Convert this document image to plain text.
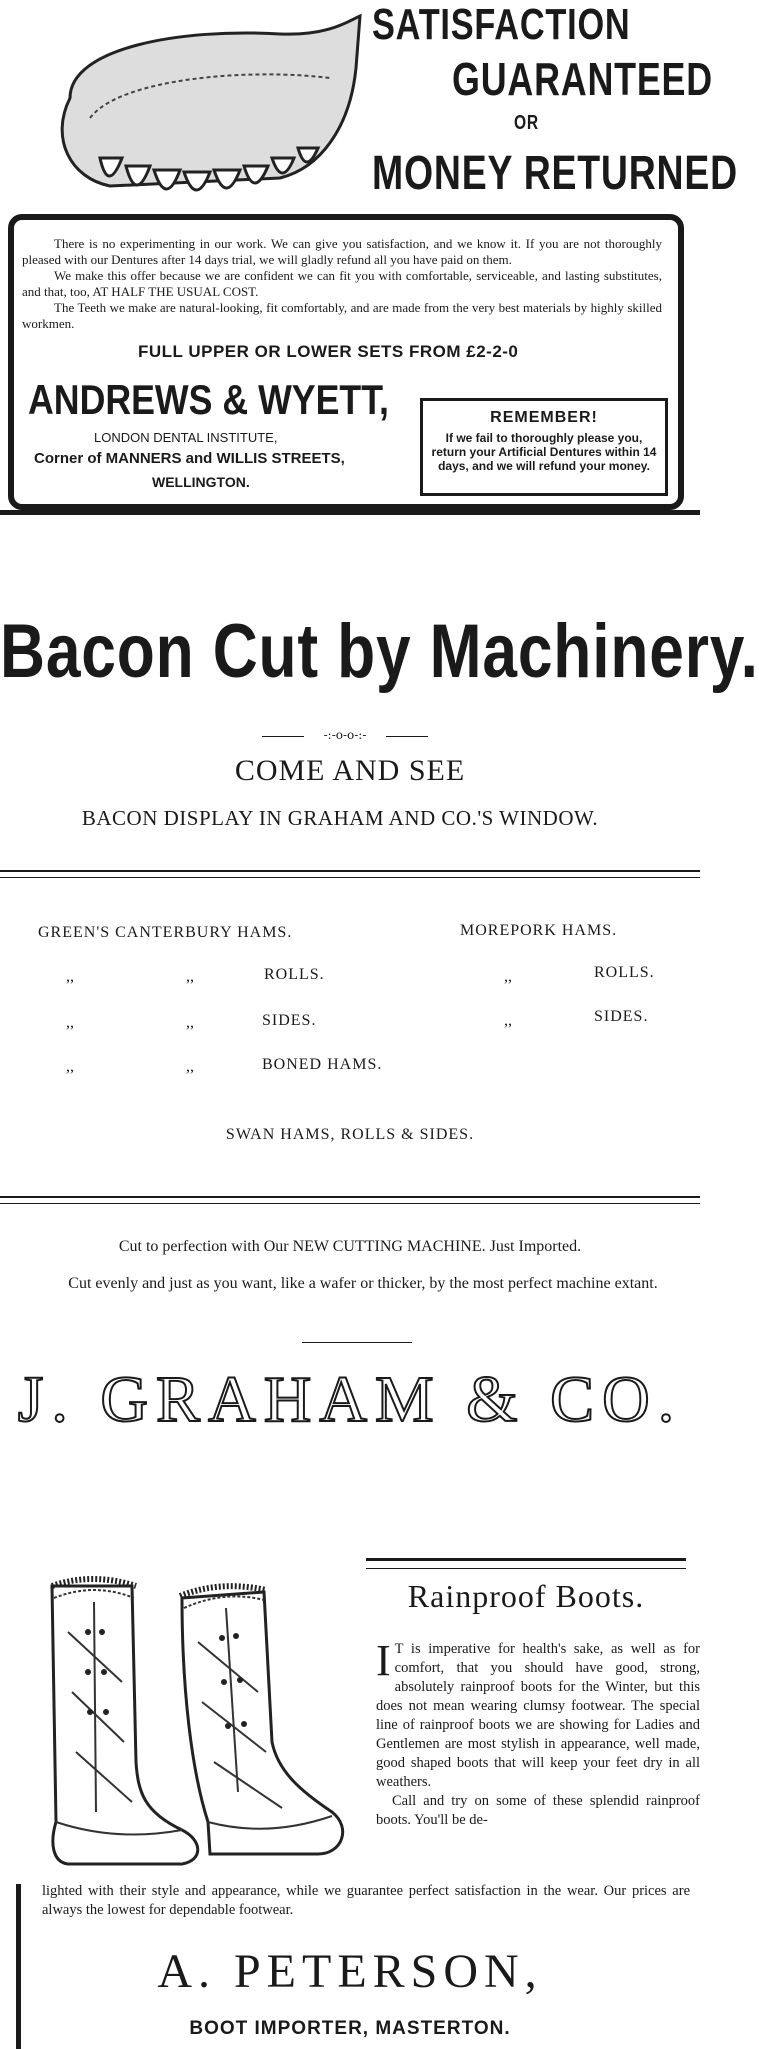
SATISFACTION
GUARANTEED
OR
MONEY RETURNED

There is no experimenting in our work. We can give you satisfaction, and we know it. If you are not thoroughly pleased with our Dentures after 14 days trial, we will gladly refund all you have paid on them.

We make this offer because we are confident we can fit you with comfortable, serviceable, and lasting substitutes, and that, too, AT HALF THE USUAL COST.

The Teeth we make are natural-looking, fit comfortably, and are made from the very best materials by highly skilled workmen.

FULL UPPER OR LOWER SETS FROM £2-2-0
ANDREWS & WYETT,
LONDON DENTAL INSTITUTE,
Corner of MANNERS and WILLIS STREETS,
WELLINGTON.
REMEMBER!
If we fail to thoroughly please you, return your Artificial Dentures within 14 days, and we will refund your money.
Bacon Cut by Machinery.
-:-o-o-:-
COME AND SEE
BACON DISPLAY IN GRAHAM AND CO.'S WINDOW.
GREEN'S CANTERBURY HAMS.	MOREPORK HAMS.
,,	,,	ROLLS.	,,	ROLLS.
,,	,,	SIDES.	,,	SIDES.
,,	,,	BONED HAMS.
SWAN HAMS, ROLLS & SIDES.
Cut to perfection with Our NEW CUTTING MACHINE. Just Imported.
Cut evenly and just as you want, like a wafer or thicker, by the most perfect machine extant.
J. GRAHAM & CO.
Rainproof Boots.

I T is imperative for health's sake, as well as for comfort, that you should have good, strong, absolutely rainproof boots for the Winter, but this does not mean wearing clumsy footwear. The special line of rainproof boots we are showing for Ladies and Gentlemen are most stylish in appearance, well made, good shaped boots that will keep your feet dry in all weathers.

Call and try on some of these splendid rainproof boots. You'll be de-

lighted with their style and appearance, while we guarantee perfect satisfaction in the wear. Our prices are always the lowest for dependable footwear.
A. PETERSON,
BOOT IMPORTER, MASTERTON.
